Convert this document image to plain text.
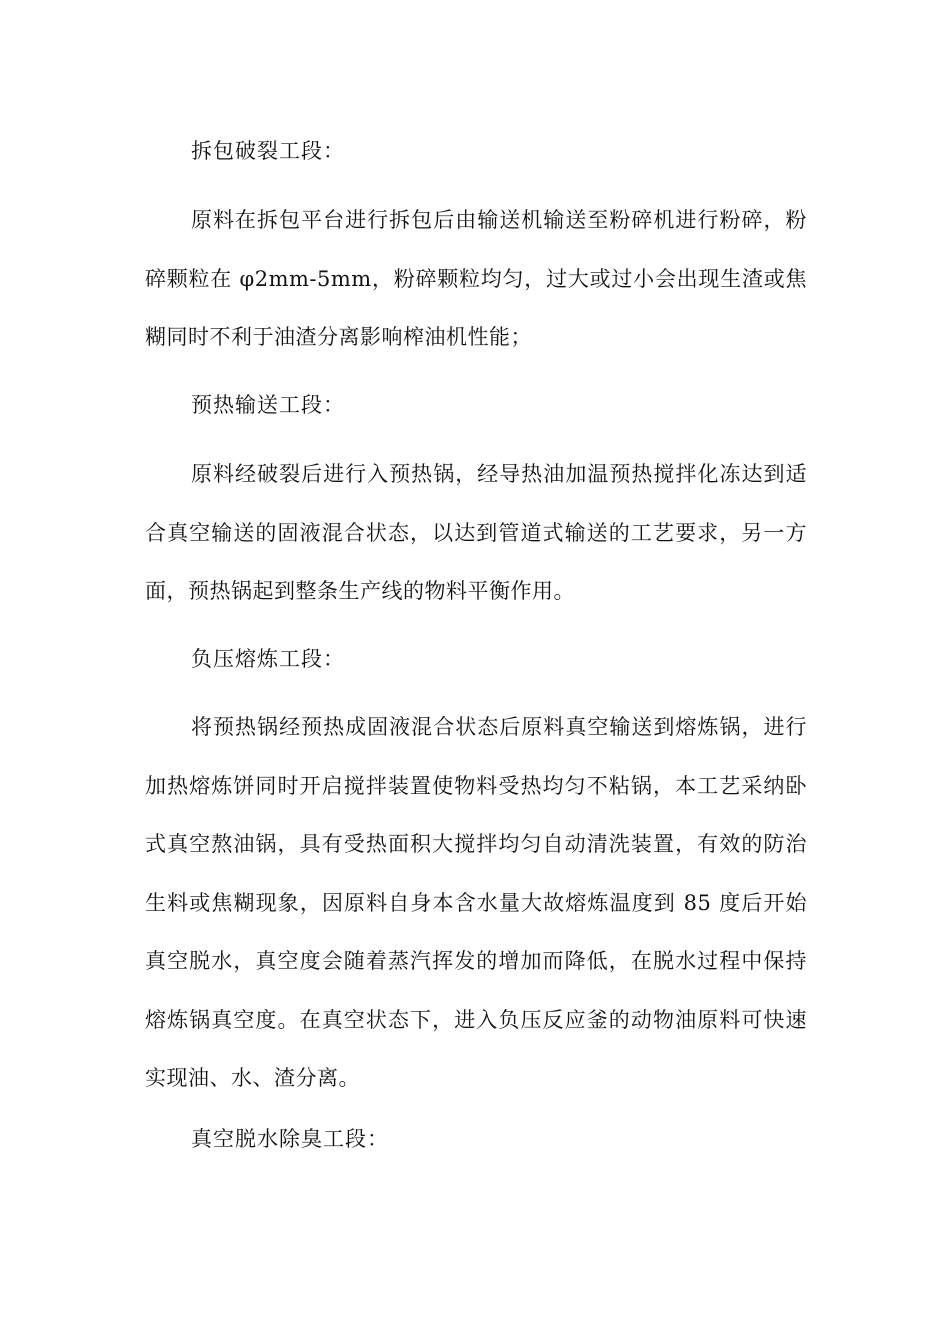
拆包破裂工段：

原料在拆包平台进行拆包后由输送机输送至粉碎机进行粉碎，粉碎颗粒在 φ2mm-5mm，粉碎颗粒均匀，过大或过小会出现生渣或焦糊同时不利于油渣分离影响榨油机性能；

预热输送工段：

原料经破裂后进行入预热锅，经导热油加温预热搅拌化冻达到适合真空输送的固液混合状态，以达到管道式输送的工艺要求，另一方面，预热锅起到整条生产线的物料平衡作用。

负压熔炼工段：

将预热锅经预热成固液混合状态后原料真空输送到熔炼锅，进行加热熔炼饼同时开启搅拌装置使物料受热均匀不粘锅，本工艺采纳卧式真空熬油锅，具有受热面积大搅拌均匀自动清洗装置，有效的防治生料或焦糊现象，因原料自身本含水量大故熔炼温度到 85 度后开始真空脱水，真空度会随着蒸汽挥发的增加而降低，在脱水过程中保持熔炼锅真空度。在真空状态下，进入负压反应釜的动物油原料可快速实现油、水、渣分离。

真空脱水除臭工段：
